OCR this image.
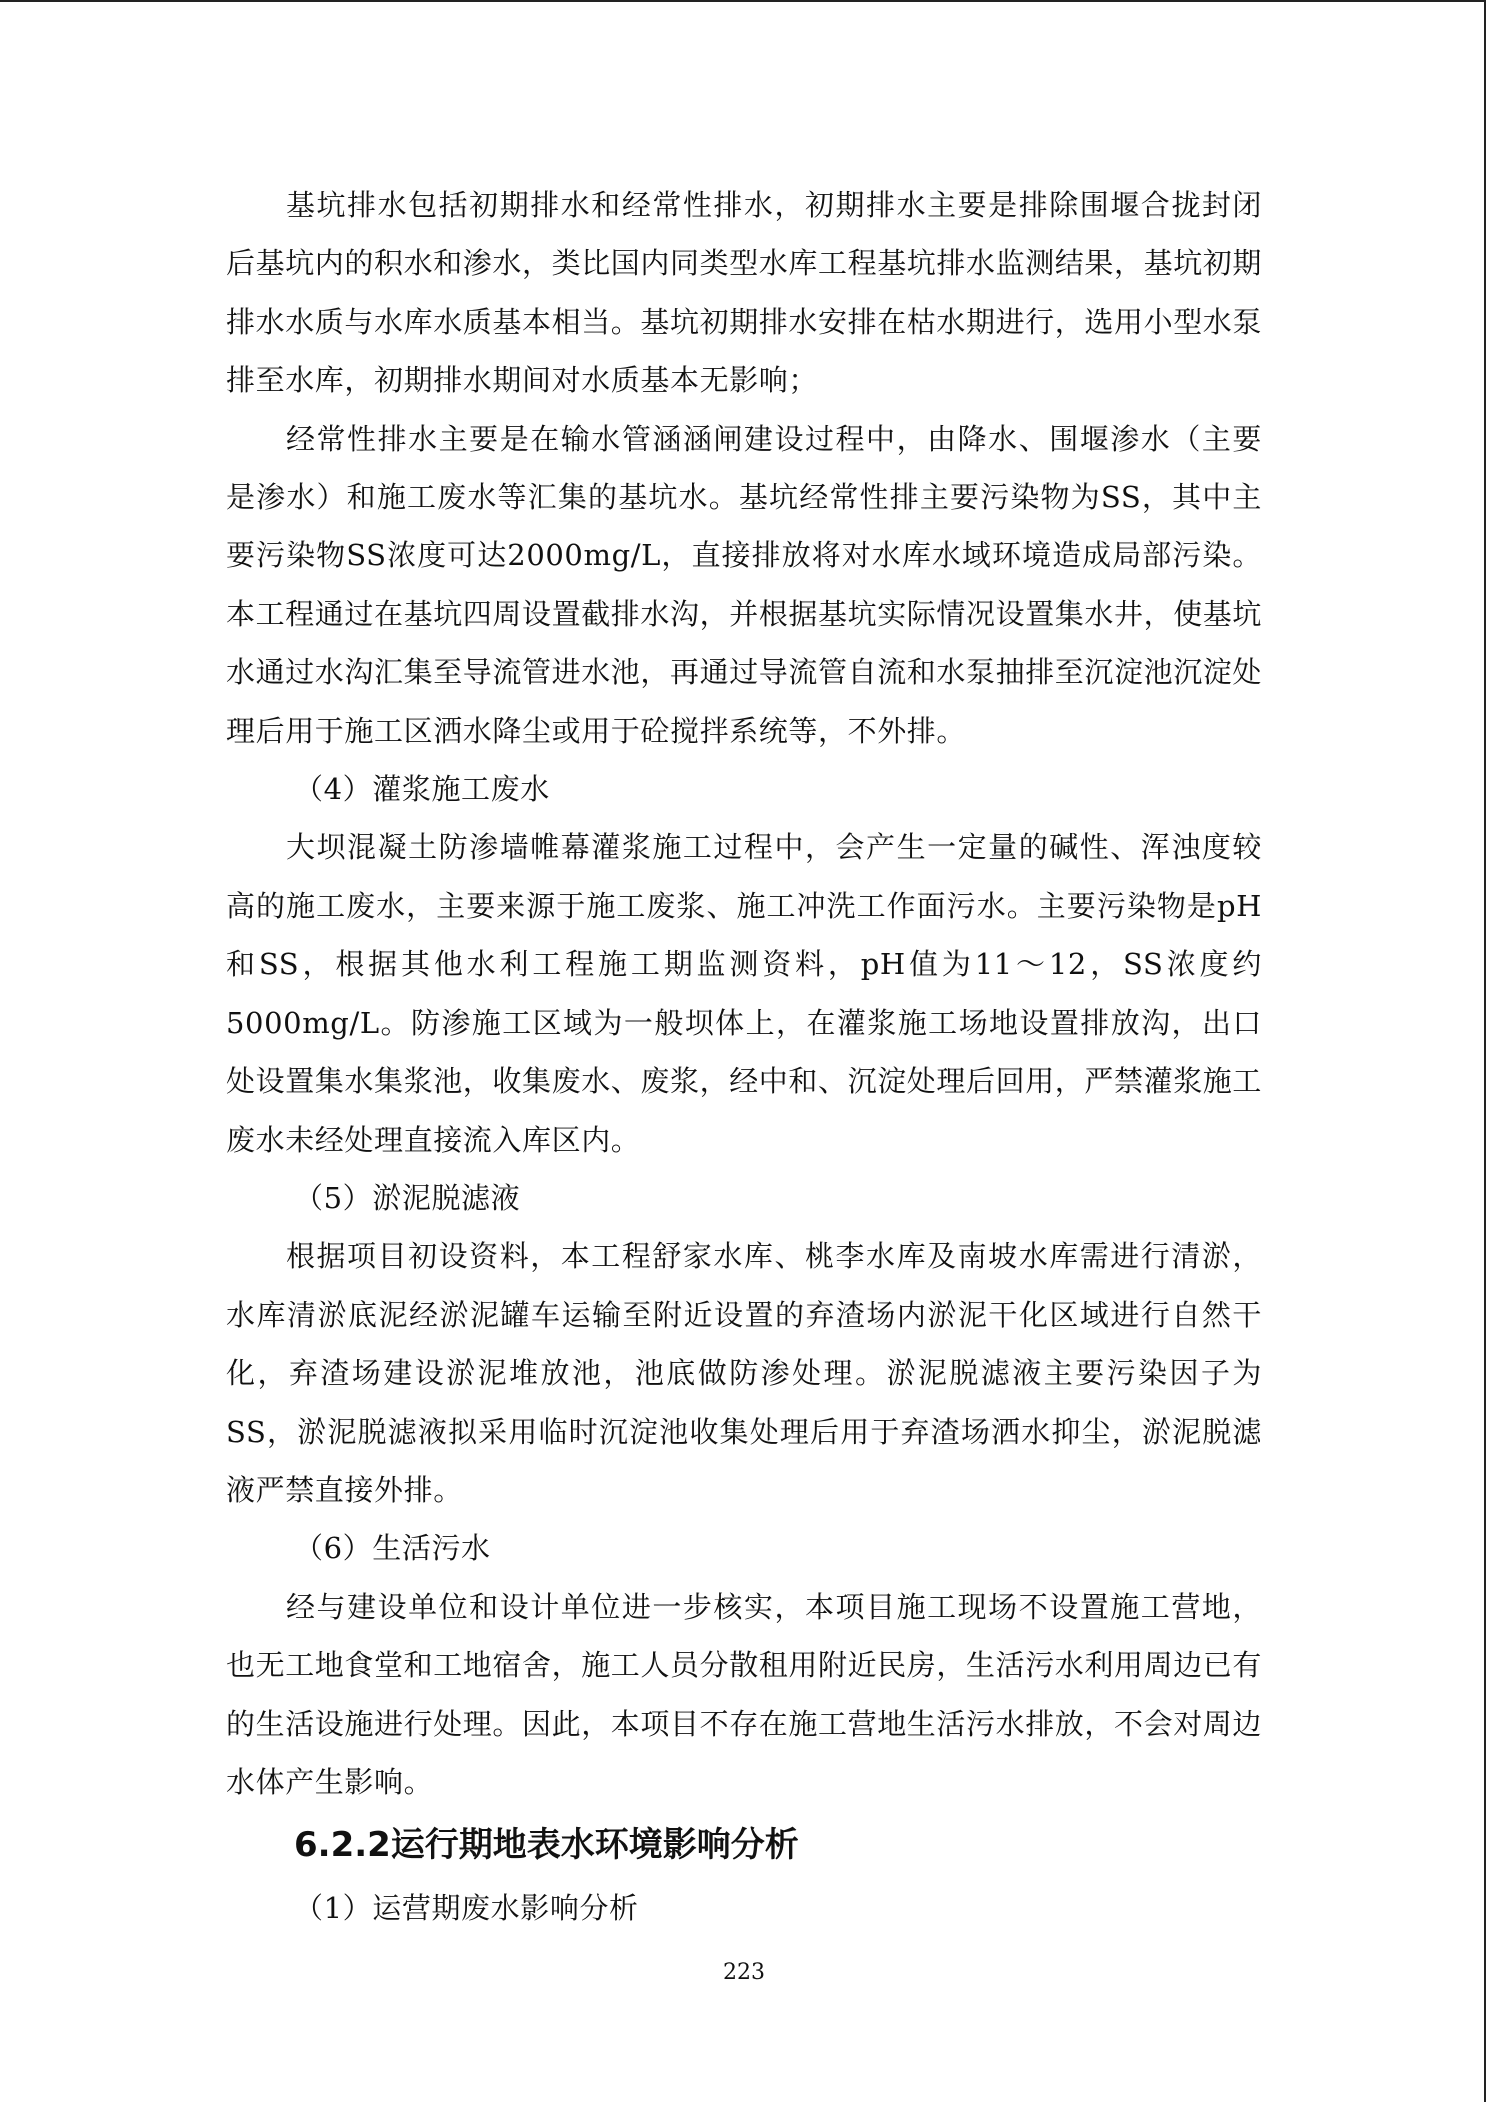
基坑排水包括初期排水和经常性排水，初期排水主要是排除围堰合拢封闭后基坑内的积水和渗水，类比国内同类型水库工程基坑排水监测结果，基坑初期排水水质与水库水质基本相当。基坑初期排水安排在枯水期进行，选用小型水泵排至水库，初期排水期间对水质基本无影响；

经常性排水主要是在输水管涵涵闸建设过程中，由降水、围堰渗水（主要是渗水）和施工废水等汇集的基坑水。基坑经常性排主要污染物为SS，其中主要污染物SS浓度可达2000mg/L，直接排放将对水库水域环境造成局部污染。本工程通过在基坑四周设置截排水沟，并根据基坑实际情况设置集水井，使基坑水通过水沟汇集至导流管进水池，再通过导流管自流和水泵抽排至沉淀池沉淀处理后用于施工区洒水降尘或用于砼搅拌系统等，不外排。

（4）灌浆施工废水

大坝混凝土防渗墙帷幕灌浆施工过程中，会产生一定量的碱性、浑浊度较高的施工废水，主要来源于施工废浆、施工冲洗工作面污水。主要污染物是pH和SS，根据其他水利工程施工期监测资料，pH值为11～12，SS浓度约5000mg/L。防渗施工区域为一般坝体上，在灌浆施工场地设置排放沟，出口处设置集水集浆池，收集废水、废浆，经中和、沉淀处理后回用，严禁灌浆施工废水未经处理直接流入库区内。

（5）淤泥脱滤液

根据项目初设资料，本工程舒家水库、桃李水库及南坡水库需进行清淤，水库清淤底泥经淤泥罐车运输至附近设置的弃渣场内淤泥干化区域进行自然干化，弃渣场建设淤泥堆放池，池底做防渗处理。淤泥脱滤液主要污染因子为SS，淤泥脱滤液拟采用临时沉淀池收集处理后用于弃渣场洒水抑尘，淤泥脱滤液严禁直接外排。

（6）生活污水

经与建设单位和设计单位进一步核实，本项目施工现场不设置施工营地，也无工地食堂和工地宿舍，施工人员分散租用附近民房，生活污水利用周边已有的生活设施进行处理。因此，本项目不存在施工营地生活污水排放，不会对周边水体产生影响。

6.2.2运行期地表水环境影响分析

（1）运营期废水影响分析

223
